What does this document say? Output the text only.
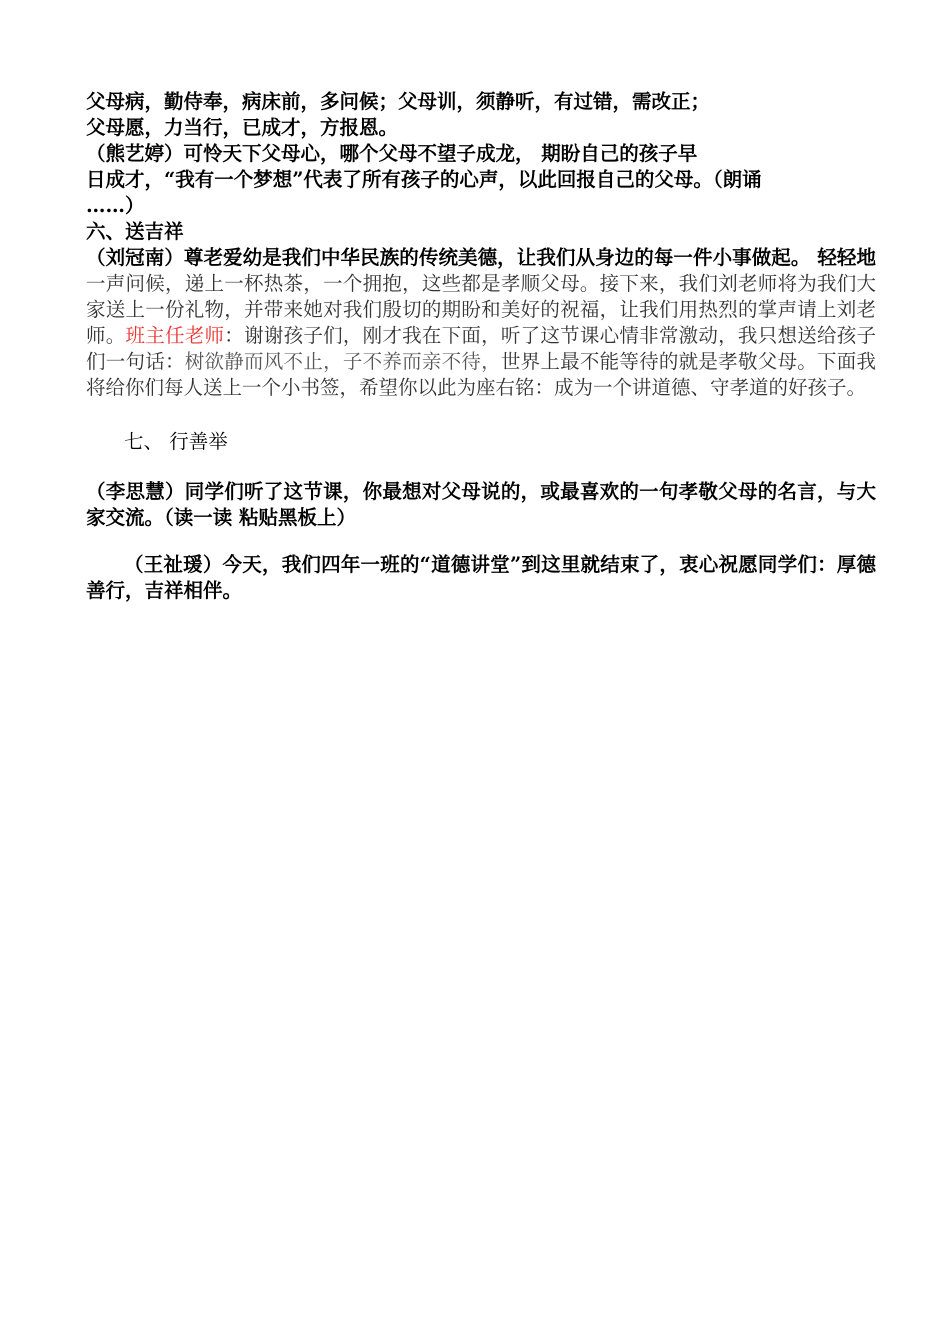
父母病，勤侍奉，病床前，多问候；父母训，须静听，有过错，需改正；
父母愿，力当行，已成才，方报恩。
（熊艺婷）可怜天下父母心，哪个父母不望子成龙， 期盼自己的孩子早
日成才，“我有一个梦想”代表了所有孩子的心声，以此回报自己的父母。（朗诵
……）
六、送吉祥
（刘冠南）尊老爱幼是我们中华民族的传统美德，让我们从身边的每一件小事做起。 轻轻地一声问候，递上一杯热茶，一个拥抱，这些都是孝顺父母。接下来，我们刘老师将为我们大家送上一份礼物，并带来她对我们殷切的期盼和美好的祝福，让我们用热烈的掌声请上刘老师。班主任老师：谢谢孩子们，刚才我在下面，听了这节课心情非常激动，我只想送给孩子们一句话：树欲静而风不止，子不养而亲不待，世界上最不能等待的就是孝敬父母。下面我将给你们每人送上一个小书签，希望你以此为座右铭：成为一个讲道德、守孝道的好孩子。
七、 行善举
（李思慧）同学们听了这节课，你最想对父母说的，或最喜欢的一句孝敬父母的名言，与大家交流。（读一读 粘贴黑板上）
（王祉瑗）今天，我们四年一班的“道德讲堂”到这里就结束了，衷心祝愿同学们：厚德善行，吉祥相伴。
